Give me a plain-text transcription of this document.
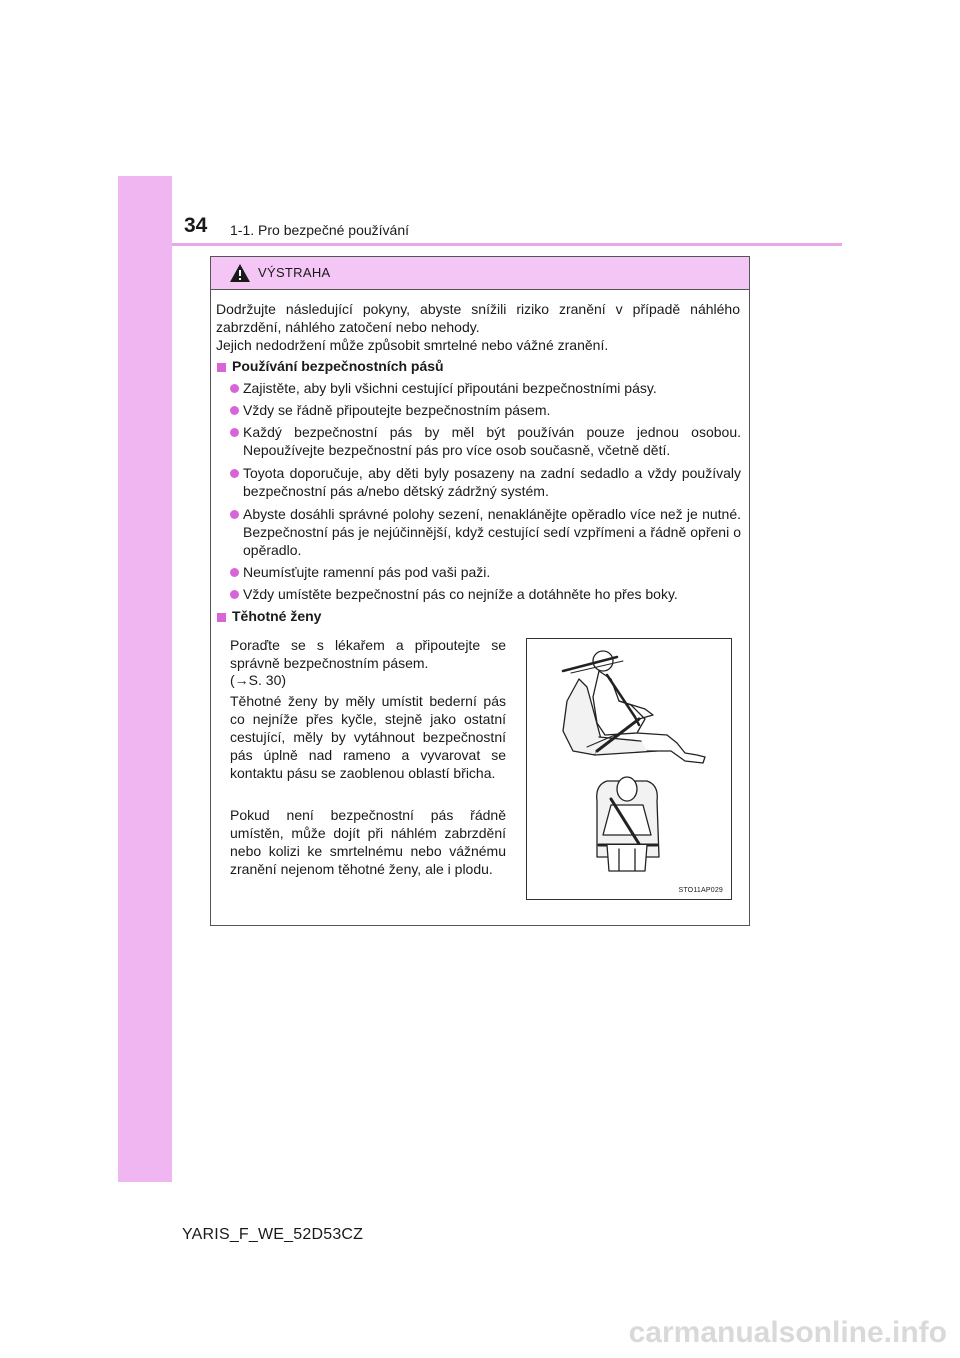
34 1-1. Pro bezpečné používání
VÝSTRAHA
Dodržujte následující pokyny, abyste snížili riziko zranění v případě náhlého zabrzdění, náhlého zatočení nebo nehody.
Jejich nedodržení může způsobit smrtelné nebo vážné zranění.
Používání bezpečnostních pásů
Zajistěte, aby byli všichni cestující připoutáni bezpečnostními pásy.
Vždy se řádně připoutejte bezpečnostním pásem.
Každý bezpečnostní pás by měl být používán pouze jednou osobou. Nepoužívejte bezpečnostní pás pro více osob současně, včetně dětí.
Toyota doporučuje, aby děti byly posazeny na zadní sedadlo a vždy používaly bezpečnostní pás a/nebo dětský zádržný systém.
Abyste dosáhli správné polohy sezení, nenaklánějte opěradlo více než je nutné. Bezpečnostní pás je nejúčinnější, když cestující sedí vzpřímeni a řádně opřeni o opěradlo.
Neumísťujte ramenní pás pod vaši paži.
Vždy umístěte bezpečnostní pás co nejníže a dotáhněte ho přes boky.
Těhotné ženy
Poraďte se s lékařem a připoutejte se správně bezpečnostním pásem.
(→S. 30)
Těhotné ženy by měly umístit bederní pás co nejníže přes kyčle, stejně jako ostatní cestující, měly by vytáhnout bezpečnostní pás úplně nad rameno a vyvarovat se kontaktu pásu se zaoblenou oblastí břicha.
Pokud není bezpečnostní pás řádně umístěn, může dojít při náhlém zabrzdění nebo kolizi ke smrtelnému nebo vážnému zranění nejenom těhotné ženy, ale i plodu.
STO11AP029
YARIS_F_WE_52D53CZ
carmanualsonline.info
